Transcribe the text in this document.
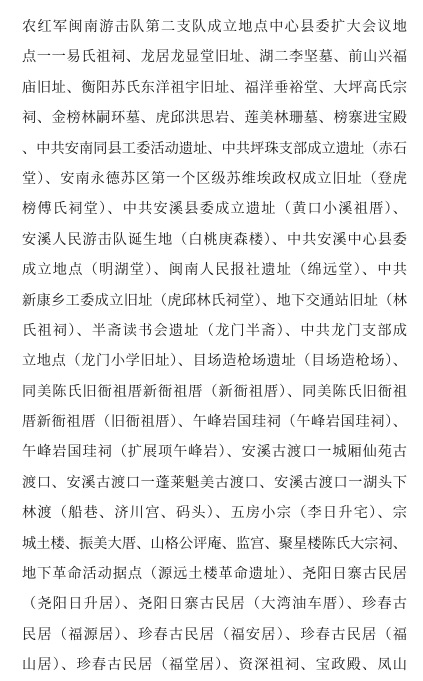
农红军闽南游击队第二支队成立地点中心县委扩大会议地
点一一易氏祖祠、龙居龙显堂旧址、湖二李坚墓、前山兴福
庙旧址、衡阳苏氏东洋祖宇旧址、福洋垂裕堂、大坪高氏宗
祠、金榜林嗣环墓、虎邱洪思岩、莲美林珊墓、榜寨进宝殿
、中共安南同县工委活动遗址、中共坪珠支部成立遗址（赤石
堂）、安南永德苏区第一个区级苏维埃政权成立旧址（登虎
榜傅氏祠堂）、中共安溪县委成立遗址（黄口小溪祖厝）、
安溪人民游击队诞生地（白桃庚森楼）、中共安溪中心县委
成立地点（明湖堂）、闽南人民报社遗址（绵远堂）、中共
新康乡工委成立旧址（虎邱林氏祠堂）、地下交通站旧址（林
氏祖祠）、半斋读书会遗址（龙门半斋）、中共龙门支部成
立地点（龙门小学旧址）、目场造枪场遗址（目场造枪场）、
同美陈氏旧衙祖厝新衙祖厝（新衙祖厝）、同美陈氏旧衙祖
厝新衙祖厝（旧衙祖厝）、午峰岩国珪祠（午峰岩国珪祠）、
午峰岩国珪祠（扩展项午峰岩）、安溪古渡口一城厢仙苑古
渡口、安溪古渡口一蓬莱魁美古渡口、安溪古渡口一湖头下
林渡（船巷、济川宫、码头）、五房小宗（李日升宅）、宗
城土楼、振美大厝、山格公评庵、监宫、聚星楼陈氏大宗祠、
地下革命活动据点（源远土楼革命遗址）、尧阳日寨古民居
（尧阳日升居）、尧阳日寨古民居（大湾油车厝）、珍春古
民居（福源居）、珍春古民居（福安居）、珍春古民居（福
山居）、珍春古民居（福堂居）、资深祖祠、宝政殿、凤山
